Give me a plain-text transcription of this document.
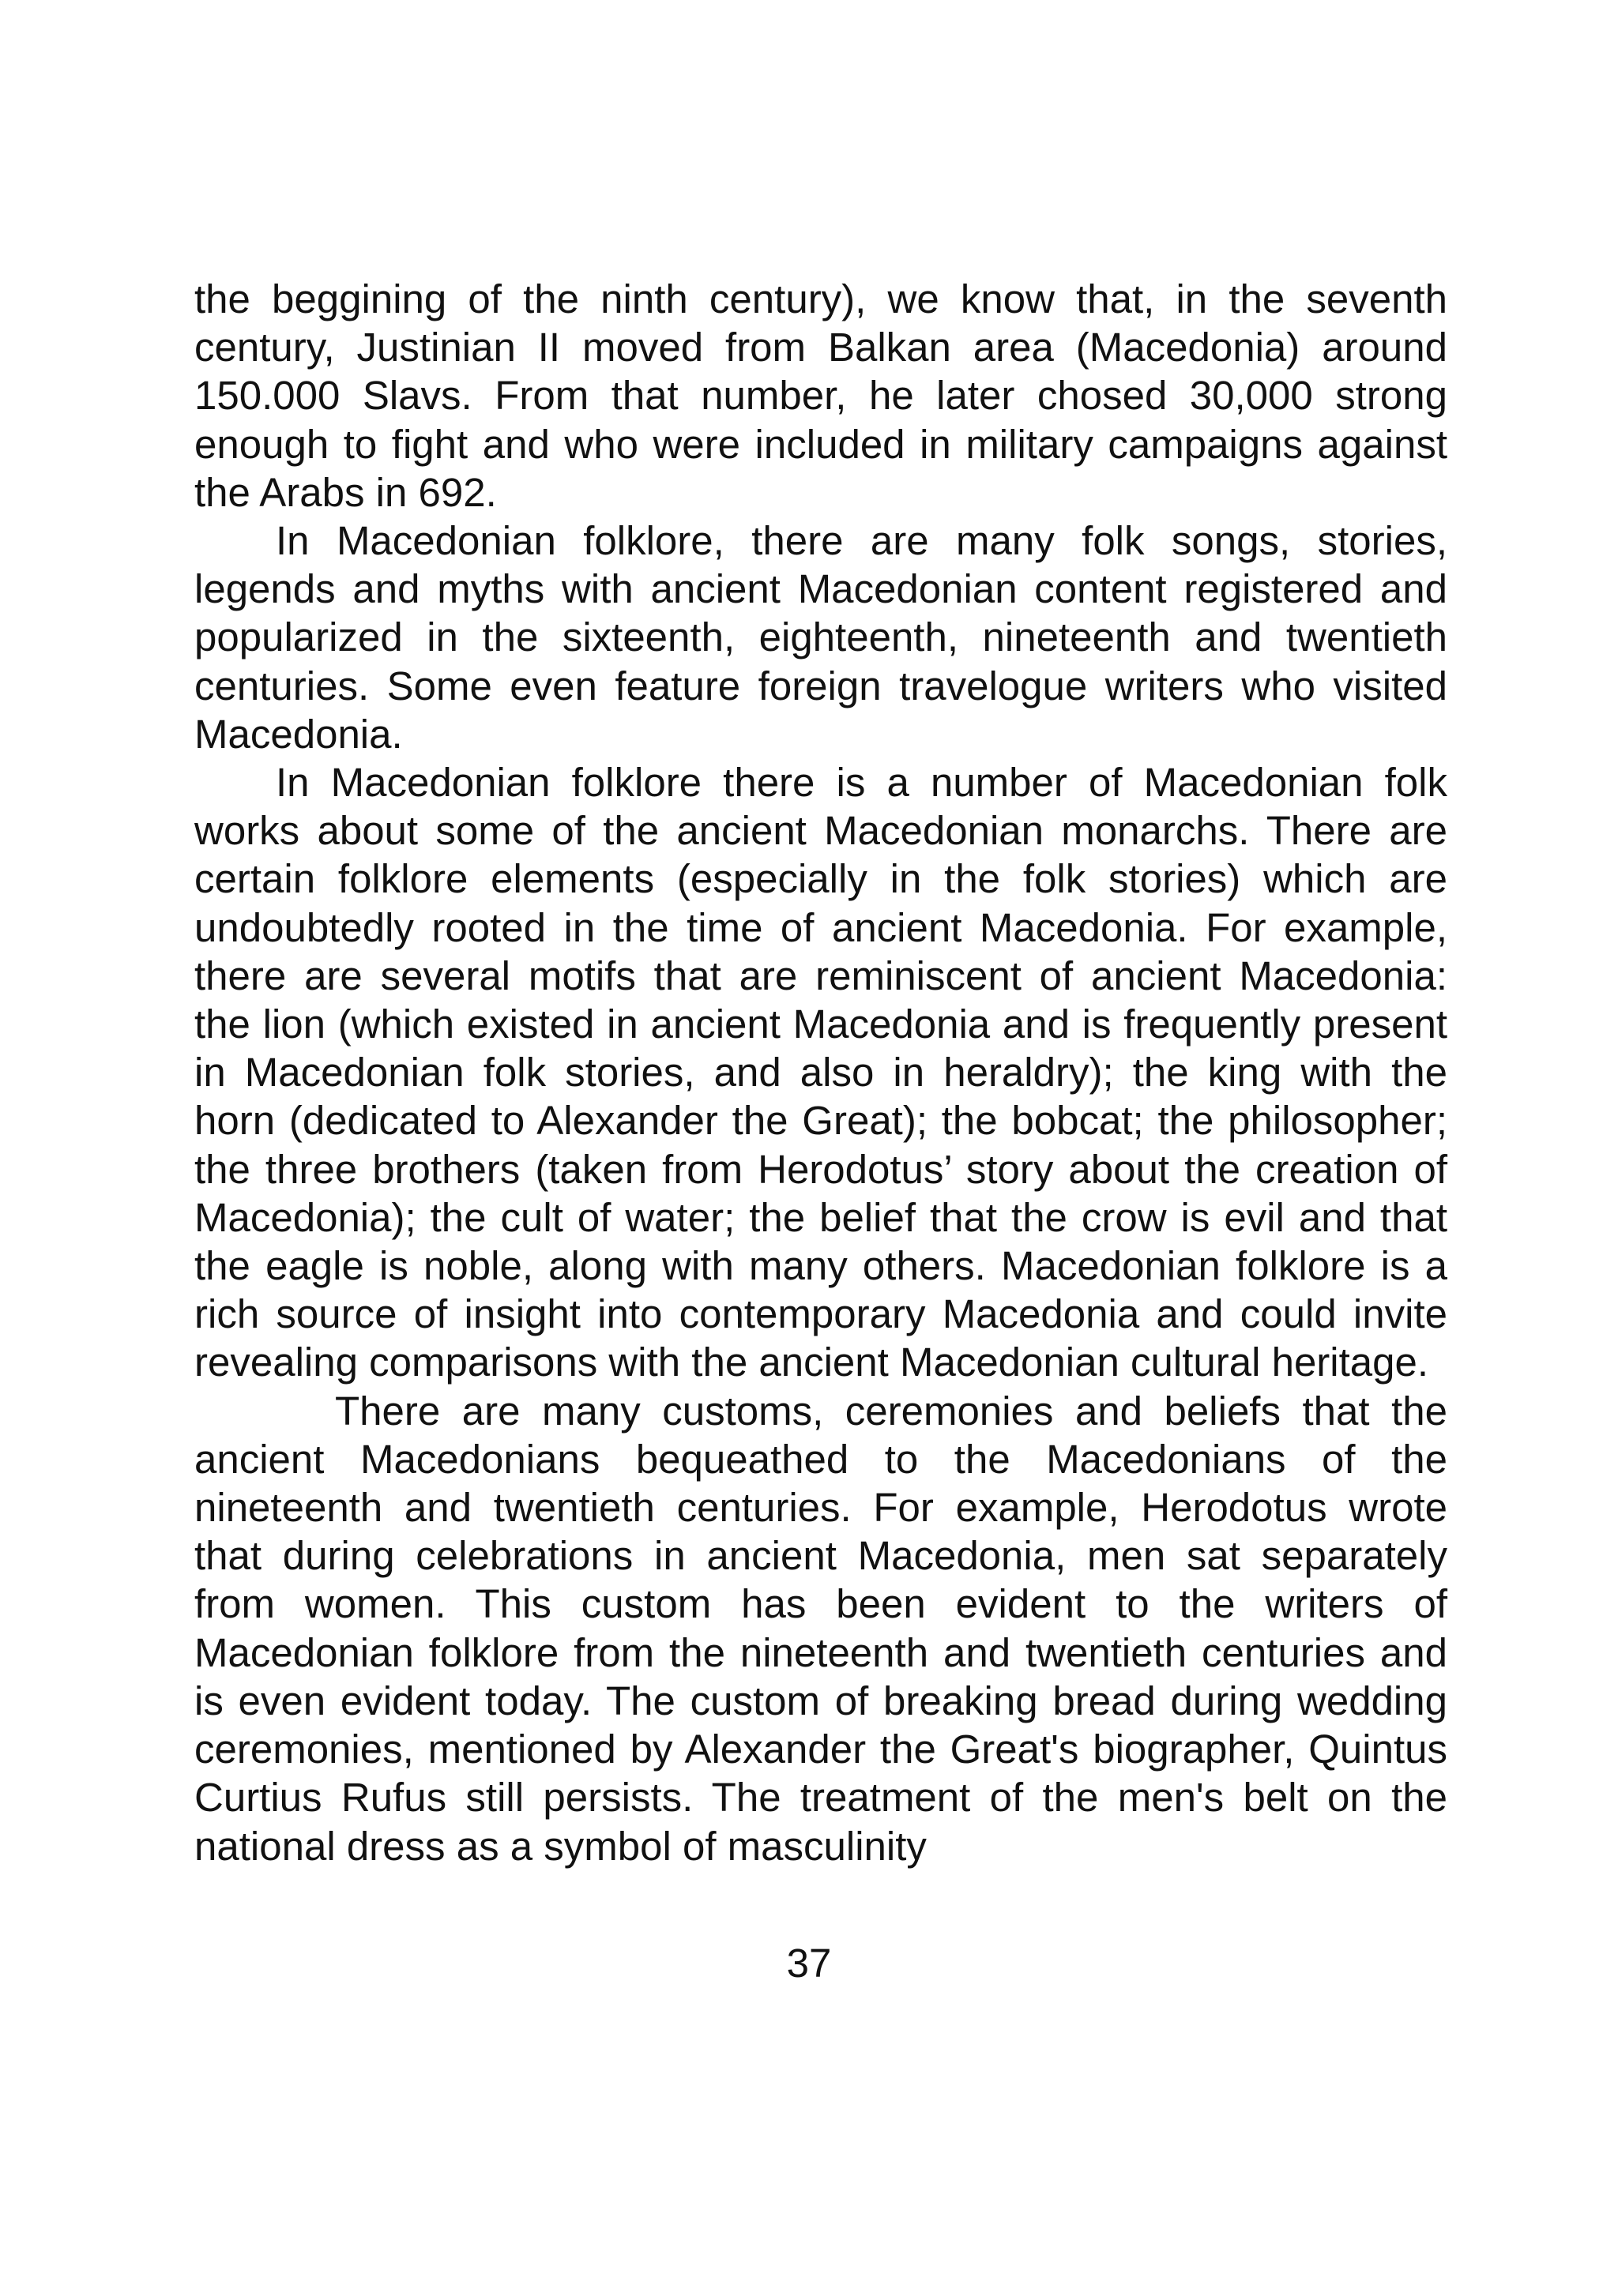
the beggining of the ninth century), we know that, in the seventh century, Justinian II moved from Balkan area (Macedonia) around 150.000 Slavs. From that number, he later chosed 30,000 strong enough to fight and who were included in military campaigns against the Arabs in 692.

In Macedonian folklore, there are many folk songs, stories, legends and myths with ancient Macedonian content registered and popularized in the sixteenth, eighteenth, nineteenth and twentieth centuries. Some even feature foreign travelogue writers who visited Macedonia.

In Macedonian folklore there is a number of Macedonian folk works about some of the ancient Macedonian monarchs. There are certain folklore elements (especially in the folk stories) which are undoubtedly rooted in the time of ancient Macedonia. For example, there are several motifs that are reminiscent of ancient Macedonia: the lion (which existed in ancient Macedonia and is frequently present in Macedonian folk stories, and also in heraldry); the king with the horn (dedicated to Alexander the Great); the bobcat; the philosopher; the three brothers (taken from Herodotus’ story about the creation of Macedonia); the cult of water; the belief that the crow is evil and that the eagle is noble, along with many others. Macedonian folklore is a rich source of insight into contemporary Macedonia and could invite revealing comparisons with the ancient Macedonian cultural heritage.

There are many customs, ceremonies and beliefs that the ancient Macedonians bequeathed to the Macedonians of the nineteenth and twentieth centuries. For example, Herodotus wrote that during celebrations in ancient Macedonia, men sat separately from women. This custom has been evident to the writers of Macedonian folklore from the nineteenth and twentieth centuries and is even evident today. The custom of breaking bread during wedding ceremonies, mentioned by Alexander the Great's biographer, Quintus Curtius Rufus still persists. The treatment of the men's belt on the national dress as a symbol of masculinity

37
